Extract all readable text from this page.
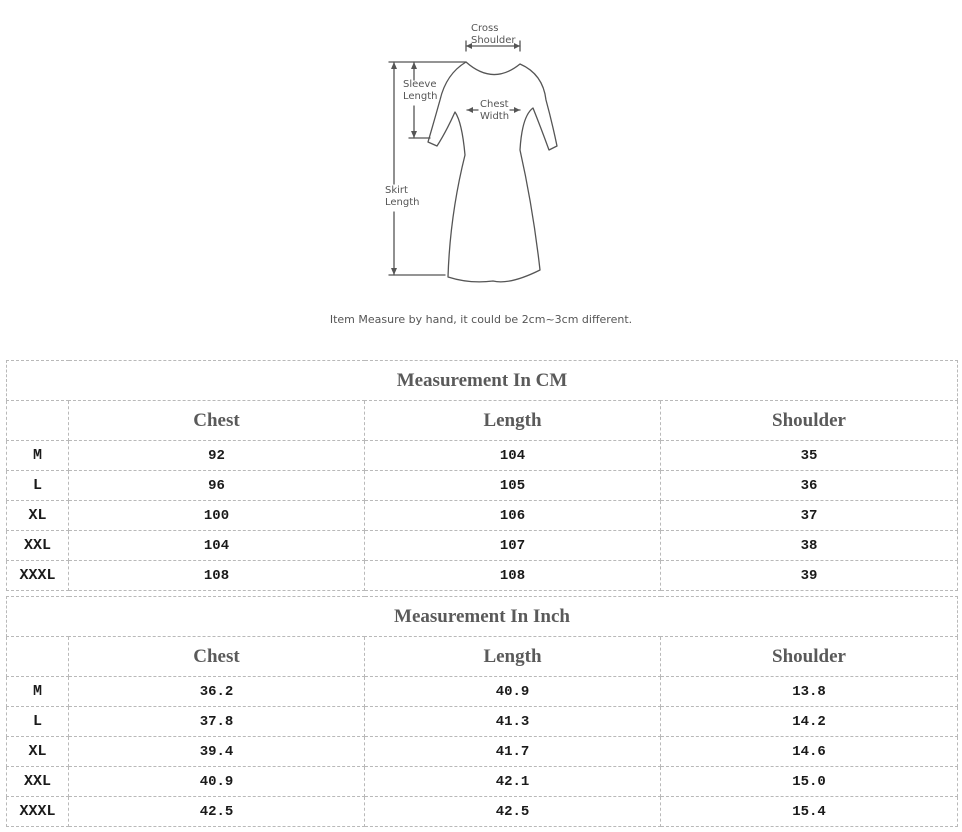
Cross
Shoulder
Sleeve
Length
Chest
Width
Skirt
Length
Item Measure by hand, it could be 2cm~3cm different.
Measurement In CM			
	Chest	Length	Shoulder
M	92	104	35
L	96	105	36
XL	100	106	37
XXL	104	107	38
XXXL	108	108	39
Measurement In Inch			
	Chest	Length	Shoulder
M	36.2	40.9	13.8
L	37.8	41.3	14.2
XL	39.4	41.7	14.6
XXL	40.9	42.1	15.0
XXXL	42.5	42.5	15.4
